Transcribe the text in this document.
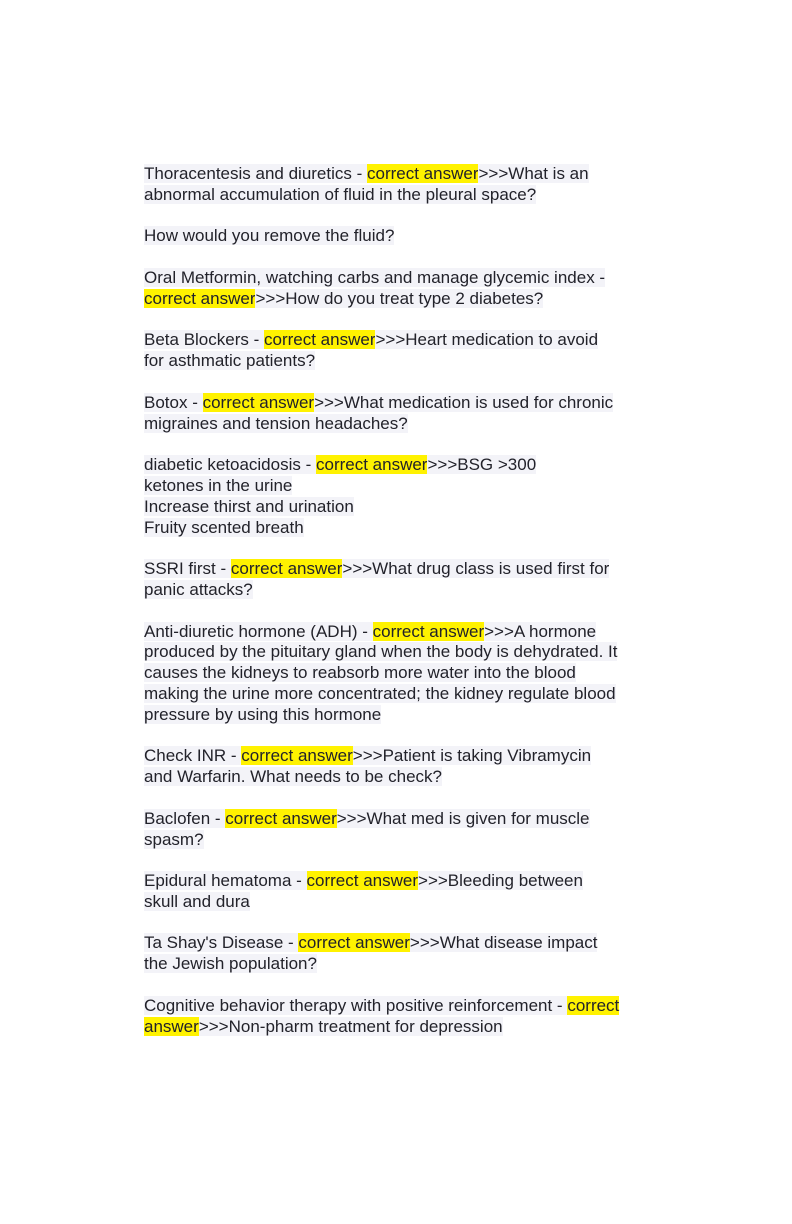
Thoracentesis and diuretics - correct answer>>>What is an
abnormal accumulation of fluid in the pleural space?
How would you remove the fluid?
Oral Metformin, watching carbs and manage glycemic index -
correct answer>>>How do you treat type 2 diabetes?
Beta Blockers - correct answer>>>Heart medication to avoid
for asthmatic patients?
Botox - correct answer>>>What medication is used for chronic
migraines and tension headaches?
diabetic ketoacidosis - correct answer>>>BSG >300
ketones in the urine
Increase thirst and urination
Fruity scented breath
SSRI first - correct answer>>>What drug class is used first for
panic attacks?
Anti-diuretic hormone (ADH) - correct answer>>>A hormone
produced by the pituitary gland when the body is dehydrated. It
causes the kidneys to reabsorb more water into the blood
making the urine more concentrated; the kidney regulate blood
pressure by using this hormone
Check INR - correct answer>>>Patient is taking Vibramycin
and Warfarin. What needs to be check?
Baclofen - correct answer>>>What med is given for muscle
spasm?
Epidural hematoma - correct answer>>>Bleeding between
skull and dura
Ta Shay's Disease - correct answer>>>What disease impact
the Jewish population?
Cognitive behavior therapy with positive reinforcement - correct
answer>>>Non-pharm treatment for depression
